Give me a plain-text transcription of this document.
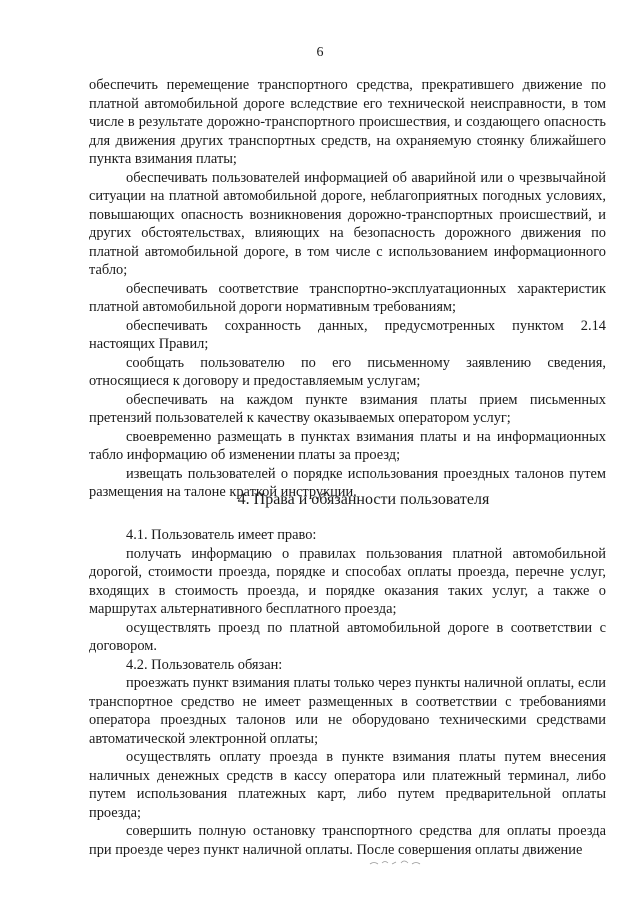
6

обеспечить перемещение транспортного средства, прекратившего движение по платной автомобильной дороге вследствие его технической неисправности, в том числе в результате дорожно-транспортного происшествия, и создающего опасность для движения других транспортных средств, на охраняемую стоянку ближайшего пункта взимания платы;

обеспечивать пользователей информацией об аварийной или о чрезвычайной ситуации на платной автомобильной дороге, неблагоприятных погодных условиях, повышающих опасность возникновения дорожно-транспортных происшествий, и других обстоятельствах, влияющих на безопасность дорожного движения по платной автомобильной дороге, в том числе с использованием информационного табло;

обеспечивать соответствие транспортно-эксплуатационных характеристик платной автомобильной дороги нормативным требованиям;

обеспечивать сохранность данных, предусмотренных пунктом 2.14 настоящих Правил;

сообщать пользователю по его письменному заявлению сведения, относящиеся к договору и предоставляемым услугам;

обеспечивать на каждом пункте взимания платы прием письменных претензий пользователей к качеству оказываемых оператором услуг;

своевременно размещать в пунктах взимания платы и на информационных табло информацию об изменении платы за проезд;

извещать пользователей о порядке использования проездных талонов путем размещения на талоне краткой инструкции.

4. Права и обязанности пользователя

4.1. Пользователь имеет право:

получать информацию о правилах пользования платной автомобильной дорогой, стоимости проезда, порядке и способах оплаты проезда, перечне услуг, входящих в стоимость проезда, и порядке оказания таких услуг, а также о маршрутах альтернативного бесплатного проезда;

осуществлять проезд по платной автомобильной дороге в соответствии с договором.

4.2. Пользователь обязан:

проезжать пункт взимания платы только через пункты наличной оплаты, если транспортное средство не имеет размещенных в соответствии с требованиями оператора проездных талонов или не оборудовано техническими средствами автоматической электронной оплаты;

осуществлять оплату проезда в пункте взимания платы путем внесения наличных денежных средств в кассу оператора или платежный терминал, либо путем использования платежных карт, либо путем предварительной оплаты проезда;

совершить полную остановку транспортного средства для оплаты проезда при проезде через пункт наличной оплаты. После совершения оплаты движение
